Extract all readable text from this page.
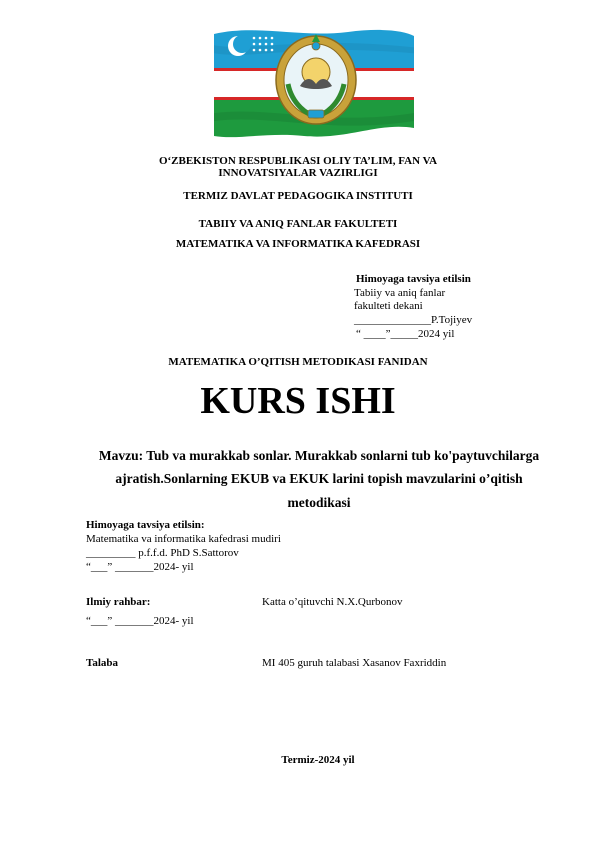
O‘ZBEKISTON RESPUBLIKASI OLIY TA’LIM, FAN VA
INNOVATSIYALAR VAZIRLIGI
TERMIZ DAVLAT PEDAGOGIKA INSTITUTI
TABIIY VA ANIQ FANLAR FAKULTETI
MATEMATIKA VA INFORMATIKA KAFEDRASI
Himoyaga tavsiya etilsin
Tabiiy va aniq fanlar
fakulteti dekani
______________P.Tojiyev
“ ____”_____2024 yil
MATEMATIKA O’QITISH METODIKASI FANIDAN
KURS ISHI
Mavzu: Tub va murakkab sonlar. Murakkab sonlarni tub ko'paytuvchilarga
ajratish.Sonlarning EKUB va EKUK larini topish mavzularini o’qitish
metodikasi
Himoyaga tavsiya etilsin:
Matematika va informatika kafedrasi mudiri
_________ p.f.f.d. PhD S.Sattorov
“___” _______2024- yil
Ilmiy rahbar:	Katta o’qituvchi N.X.Qurbonov
“___” _______2024- yil
Talaba	MI 405 guruh talabasi Xasanov Faxriddin
Termiz-2024 yil
